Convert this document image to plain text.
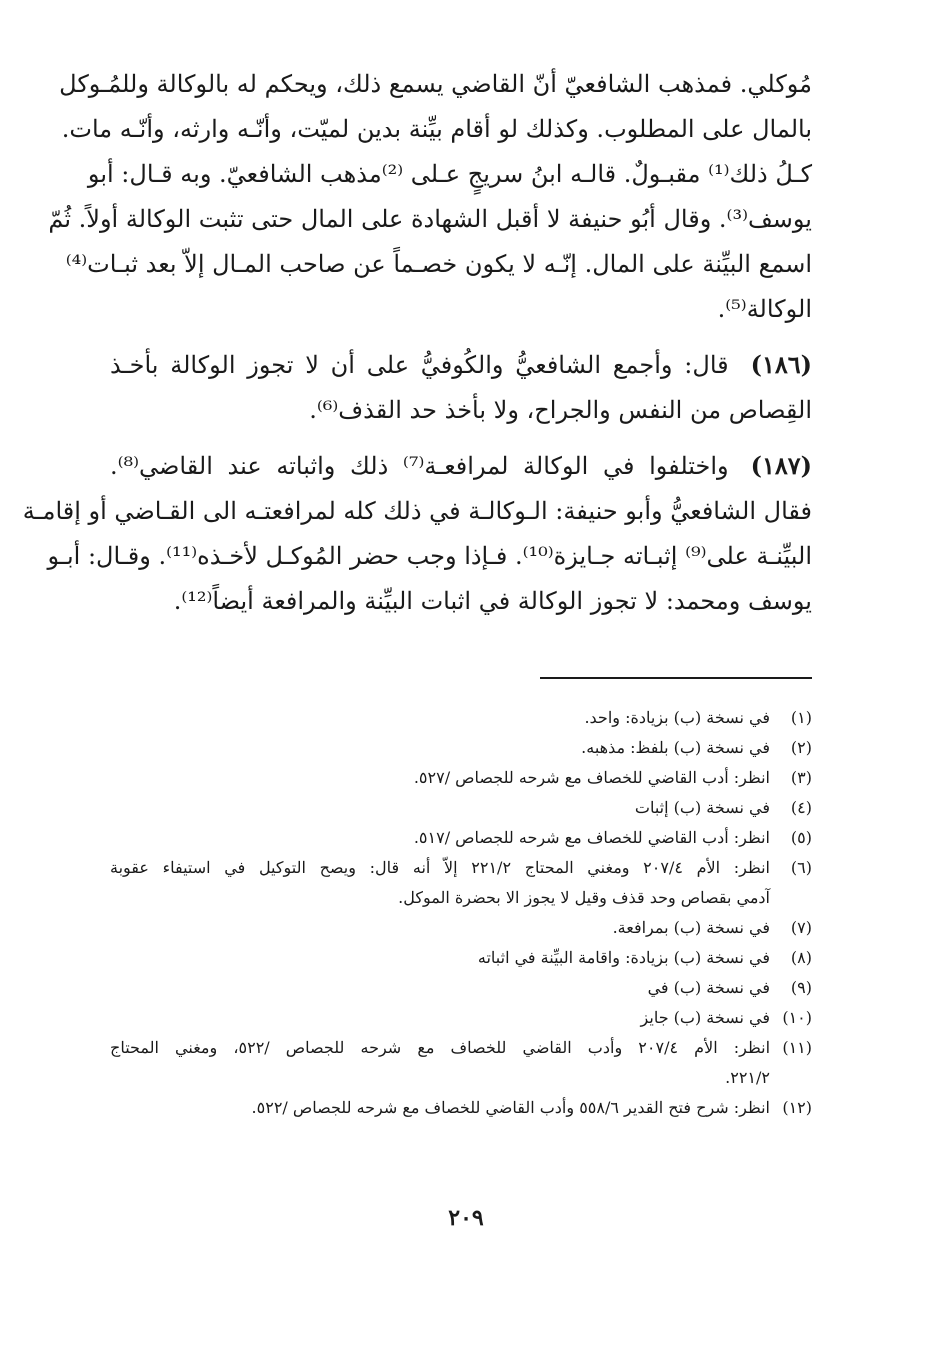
مُوكلي. فمذهب الشافعيّ أنّ القاضي يسمع ذلك، ويحكم له بالوكالة وللمُـوكل
بالمال على المطلوب. وكذلك لو أقام بيِّنة بدين لميّت، وأنّـه وارثه، وأنّـه مات.
كـلُ ذلك⁽¹⁾ مقبـولٌ. قالـه ابنُ سريجٍ عـلى ⁽²⁾مذهب الشافعيّ. وبه قـال: أبو
يوسف⁽³⁾. وقال أبُو حنيفة لا أقبل الشهادة على المال حتى تثبت الوكالة أولاً. ثُمّ
اسمع البيِّنة على المال. إنّـه لا يكون خصـماً عن صاحب المـال إلاّ بعد ثبـات⁽⁴⁾
الوكالة⁽⁵⁾.

(١٨٦)قال: وأجمع الشافعيُّ والكُوفيُّ على أن لا تجوز الوكالة بأخـذ
القِصاص من النفس والجراح، ولا بأخذ حد القذف⁽⁶⁾.

(١٨٧)واختلفوا في الوكالة لمرافعـة⁽⁷⁾ ذلك واثباته عند القاضي⁽⁸⁾.
فقال الشافعيُّ وأبو حنيفة: الـوكالـة في ذلك كله لمرافعتـه الى القـاضي أو إقامـة
البيِّنـة على⁽⁹⁾ إثبـاته جـايزة⁽¹⁰⁾. فـإذا وجب حضر المُوكـل لأخـذه⁽¹¹⁾. وقـال: أبـو
يوسف ومحمد: لا تجوز الوكالة في اثبات البيِّنة والمرافعة أيضاً⁽¹²⁾.

(١)
في نسخة (ب) بزيادة: واحد.
(٢)
في نسخة (ب) بلفظ: مذهبه.
(٣)
انظر: أدب القاضي للخصاف مع شرحه للجصاص /٥٢٧.
(٤)
في نسخة (ب) إثبات
(٥)
انظر: أدب القاضي للخصاف مع شرحه للجصاص /٥١٧.
(٦)
انظر: الأم ٢٠٧/٤ ومغني المحتاج ٢٢١/٢ إلاّ أنه قال: ويصح التوكيل في استيفاء عقوبة
آدمي بقصاص وحد قذف وقيل لا يجوز الا بحضرة الموكل.
(٧)
في نسخة (ب) بمرافعة.
(٨)
في نسخة (ب) بزيادة: واقامة البيِّنة في اثباته
(٩)
في نسخة (ب) في
(١٠)
في نسخة (ب) جايز
(١١)
انظر: الأم ٢٠٧/٤ وأدب القاضي للخصاف مع شرحه للجصاص /٥٢٢، ومغني المحتاج
٢٢١/٢.
(١٢)
انظر: شرح فتح القدير ٥٥٨/٦ وأدب القاضي للخصاف مع شرحه للجصاص /٥٢٢.
٢٠٩
